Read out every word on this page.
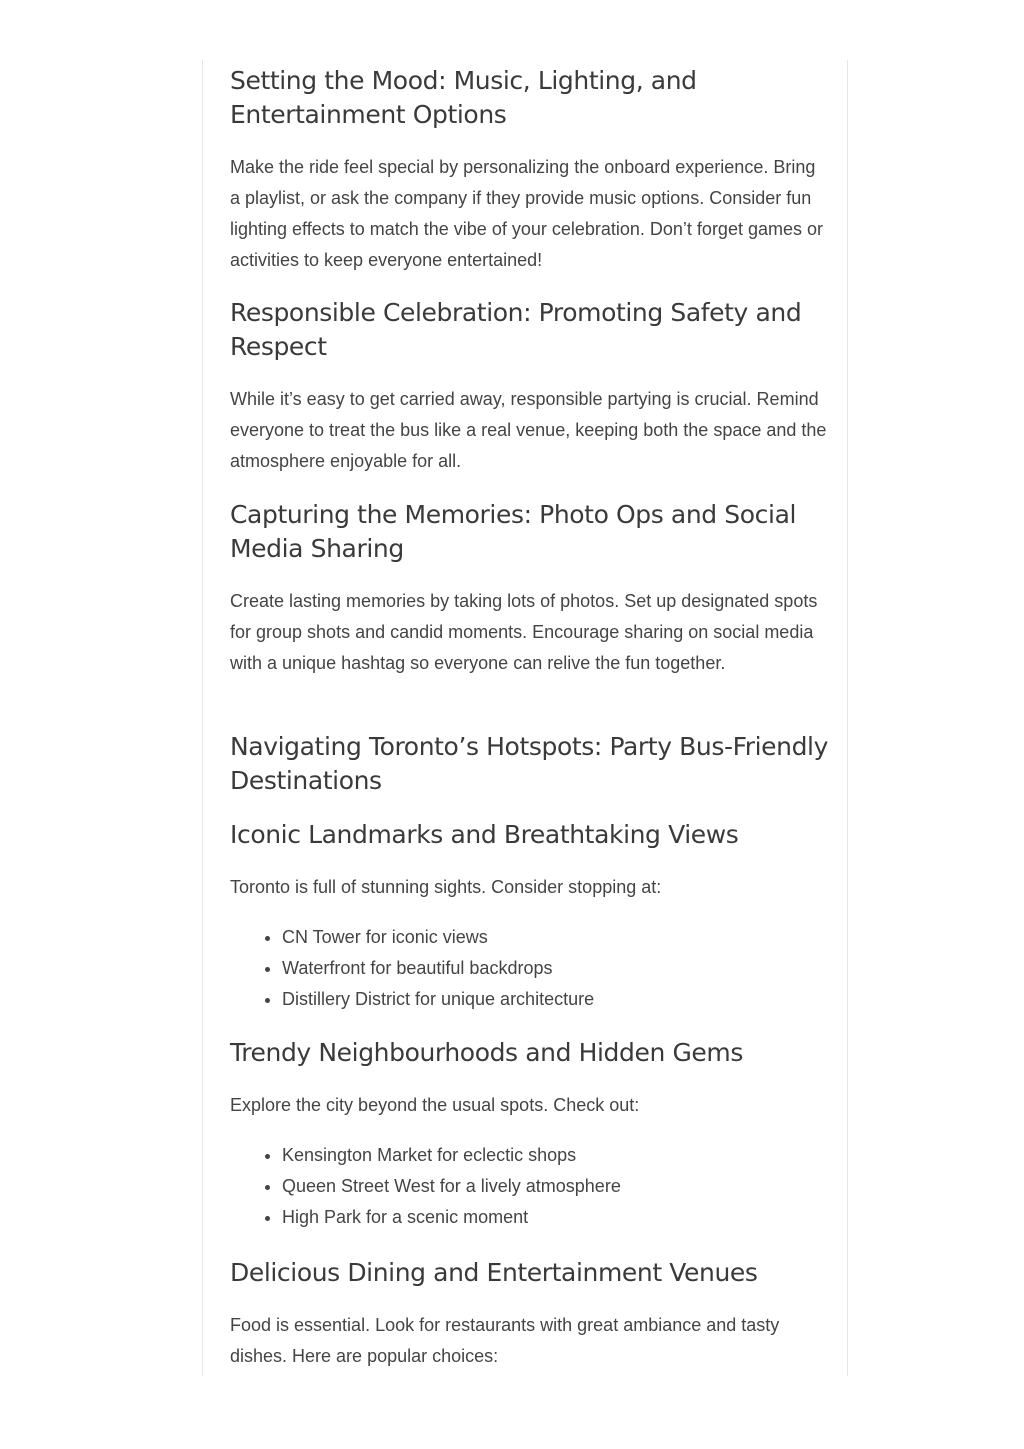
Setting the Mood: Music, Lighting, and Entertainment Options

Make the ride feel special by personalizing the onboard experience. Bring a playlist, or ask the company if they provide music options. Consider fun lighting effects to match the vibe of your celebration. Don’t forget games or activities to keep everyone entertained!

Responsible Celebration: Promoting Safety and Respect

While it’s easy to get carried away, responsible partying is crucial. Remind everyone to treat the bus like a real venue, keeping both the space and the atmosphere enjoyable for all.

Capturing the Memories: Photo Ops and Social Media Sharing

Create lasting memories by taking lots of photos. Set up designated spots for group shots and candid moments. Encourage sharing on social media with a unique hashtag so everyone can relive the fun together.

Navigating Toronto’s Hotspots: Party Bus-Friendly Destinations
Iconic Landmarks and Breathtaking Views

Toronto is full of stunning sights. Consider stopping at:

• CN Tower for iconic views
• Waterfront for beautiful backdrops
• Distillery District for unique architecture
Trendy Neighbourhoods and Hidden Gems

Explore the city beyond the usual spots. Check out:

• Kensington Market for eclectic shops
• Queen Street West for a lively atmosphere
• High Park for a scenic moment
Delicious Dining and Entertainment Venues

Food is essential. Look for restaurants with great ambiance and tasty dishes. Here are popular choices:
